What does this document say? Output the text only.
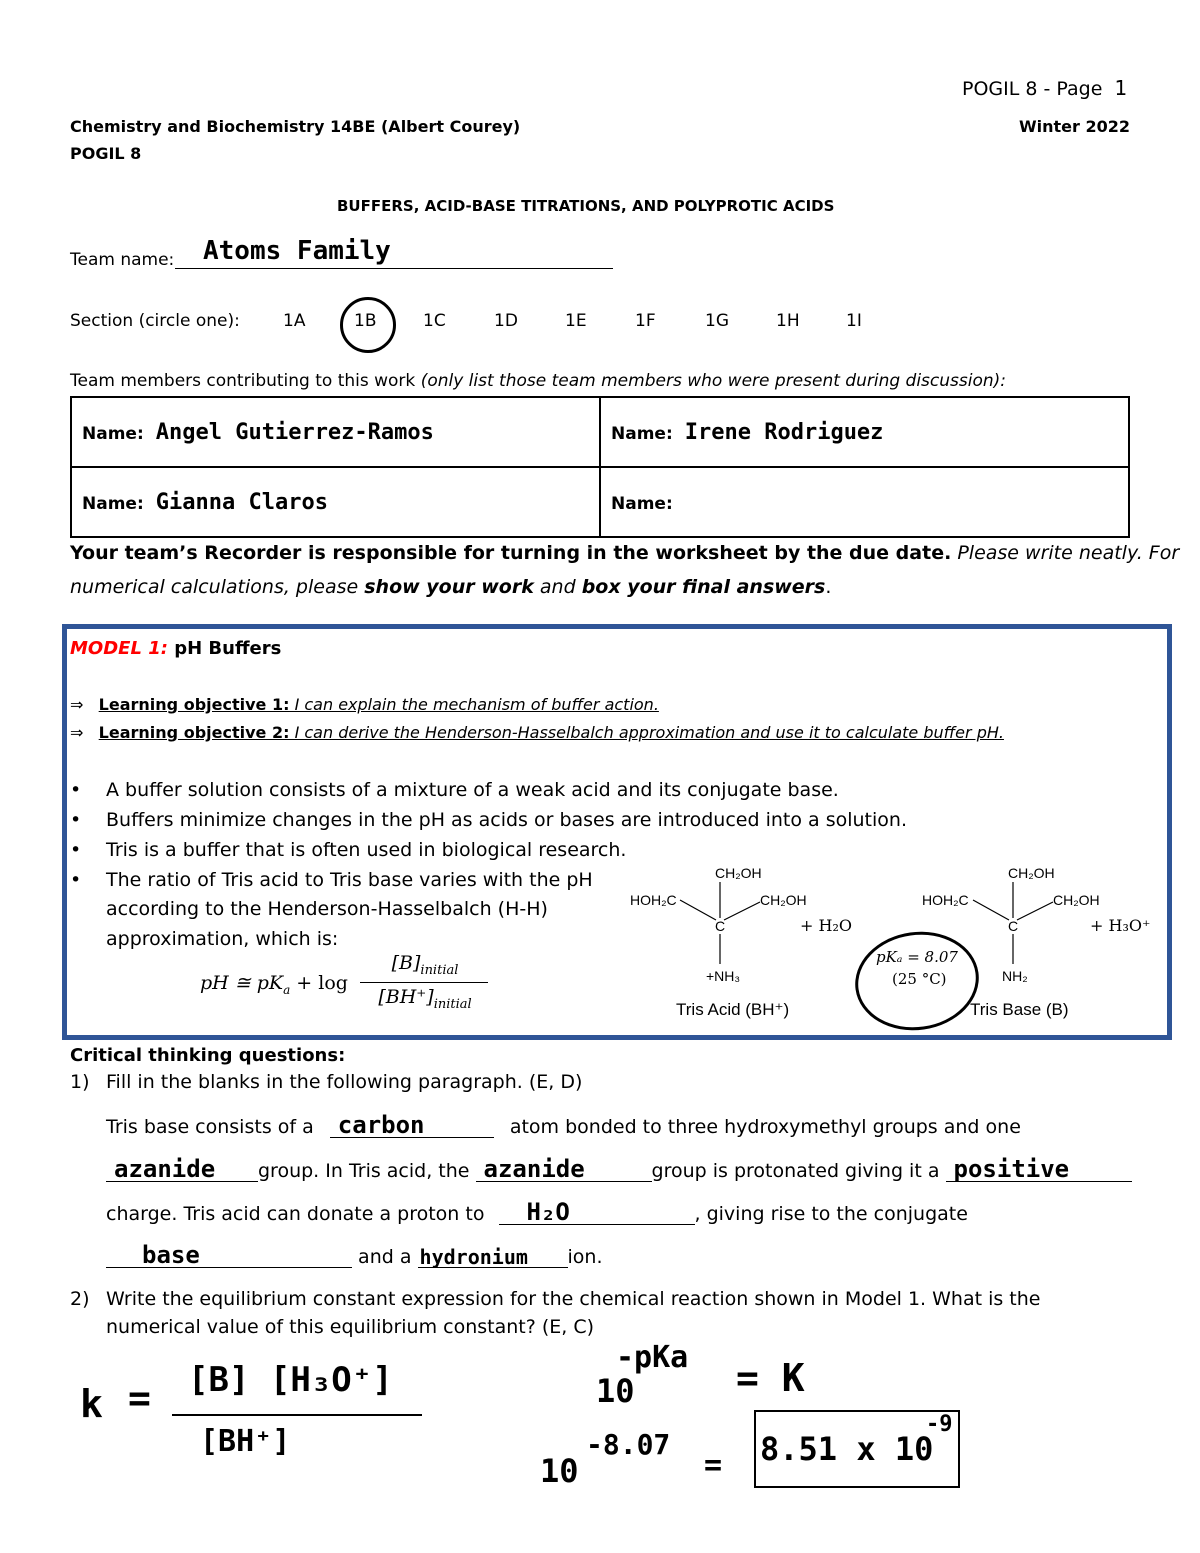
POGIL 8 - Page 1
Chemistry and Biochemistry 14BE (Albert Courey)	Winter 2022
POGIL 8
BUFFERS, ACID-BASE TITRATIONS, AND POLYPROTIC ACIDS
Team name: Atoms Family
Section (circle one):	1A	1B	1C	1D	1E	1F	1G	1H	1I
Team members contributing to this work (only list those team members who were present during discussion):
Name: Angel Gutierrez-Ramos	Name: Irene Rodriguez
Name: Gianna Claros	Name:
Your team’s Recorder is responsible for turning in the worksheet by the due date. Please write neatly. For
numerical calculations, please show your work and box your final answers.
MODEL 1: pH Buffers
⇒ Learning objective 1: I can explain the mechanism of buffer action.
⇒ Learning objective 2: I can derive the Henderson-Hasselbalch approximation and use it to calculate buffer pH.
• A buffer solution consists of a mixture of a weak acid and its conjugate base.
• Buffers minimize changes in the pH as acids or bases are introduced into a solution.
• Tris is a buffer that is often used in biological research.
• The ratio of Tris acid to Tris base varies with the pH
according to the Henderson-Hasselbalch (H-H)
approximation, which is:
pH ≅ $pK_a + \log$
$[B]_{initial}$
$[BH^+]_{initial}$
CH₂OH
HOH₂C	CH₂OH
C
+NH₃
+ H₂O
Tris Acid (BH⁺)
CH₂OH
HOH₂C	CH₂OH
C
NH₂
+ H₃O⁺
Tris Base (B)
pKₐ = 8.07
(25 °C)
Critical thinking questions:
1) Fill in the blanks in the following paragraph. (E, D)
Tris base consists of a carbon	atom bonded to three hydroxymethyl groups and one
azanide group. In Tris acid, the azanide	group is protonated giving it a positive
charge. Tris acid can donate a proton to H₂O	, giving rise to the conjugate
base	and a hydronium ion.
2) Write the equilibrium constant expression for the chemical reaction shown in Model 1. What is the
numerical value of this equilibrium constant? (E, C)
k = [B] [H₃O⁺]
[BH⁺]
10
-pKa = K
10
-8.07
= 8.51 x 10
-9
